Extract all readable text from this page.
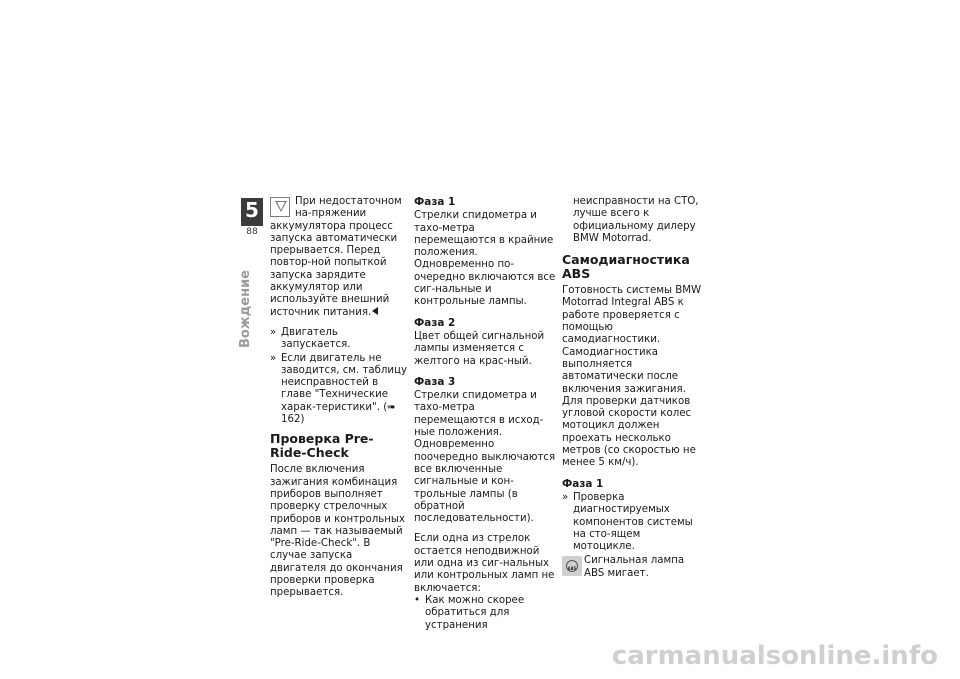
5
88
Вождение

При недостаточном на-пряжении аккумулятора процесс запуска автоматически прерывается. Перед повтор-ной попыткой запуска зарядите аккумулятор или используйте внешний источник питания.

» Двигатель запускается.
» Если двигатель не заводится, см. таблицу неисправностей в главе "Технические харак-теристики". (➠ 162)
Проверка Pre-Ride-Check

После включения зажигания комбинация приборов выполняет проверку стрелочных приборов и контрольных ламп — так называемый "Pre-Ride-Check". В случае запуска двигателя до окончания проверки проверка прерывается.

Фаза 1

Стрелки спидометра и тахо-метра перемещаются в крайние положения. Одновременно по-очередно включаются все сиг-нальные и контрольные лампы.

Фаза 2

Цвет общей сигнальной лампы изменяется с желтого на крас-ный.

Фаза 3

Стрелки спидометра и тахо-метра перемещаются в исход-ные положения. Одновременно поочередно выключаются все включенные сигнальные и кон-трольные лампы (в обратной последовательности).

Если одна из стрелок остается неподвижной или одна из сиг-нальных или контрольных ламп не включается:

• Как можно скорее обратиться для устранения

неисправности на СТО, лучше всего к официальному дилеру BMW Motorrad.

Самодиагностика ABS

Готовность системы BMW Motorrad Integral ABS к работе проверяется с помощью самодиагностики. Самодиагностика выполняется автоматически после включения зажигания. Для проверки датчиков угловой скорости колес мотоцикл должен проехать несколько метров (со скоростью не менее 5 км/ч).

Фаза 1
» Проверка диагностируемых компонентов системы на сто-ящем мотоцикле.
ABS
Сигнальная лампа ABS мигает.
carmanualsonline.info
